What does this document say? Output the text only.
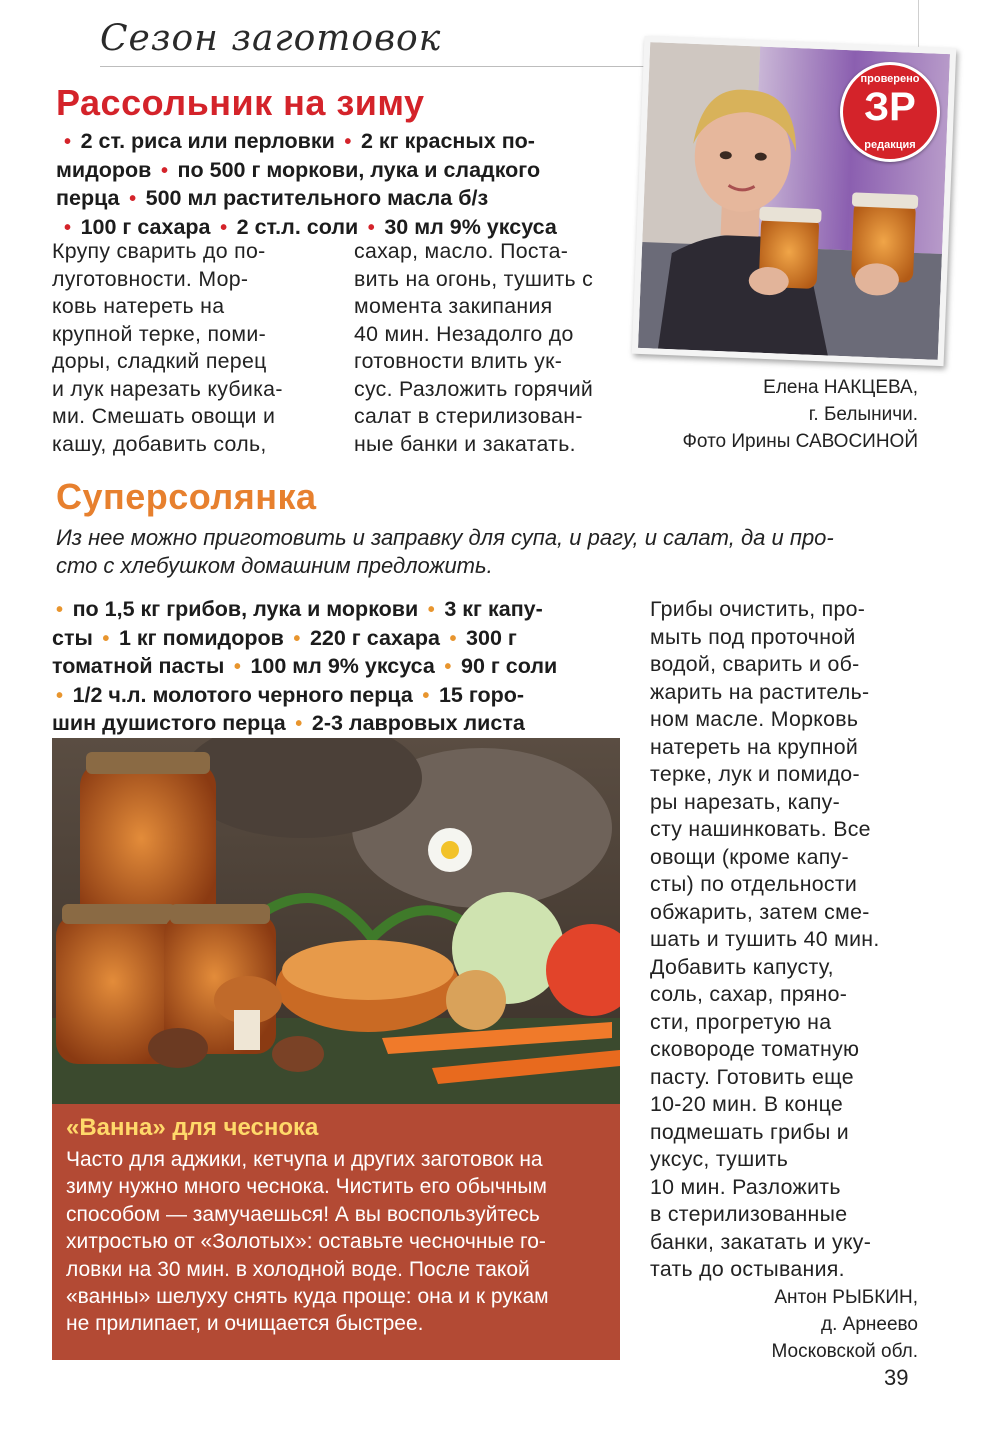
Сезон заготовок
Рассольник на зиму
• 2 ст. риса или перловки • 2 кг красных по-
мидоров • по 500 г моркови, лука и сладкого
перца • 500 мл растительного масла б/з
• 100 г сахара • 2 ст.л. соли • 30 мл 9% уксуса
Крупу сварить до по-
луготовности. Мор-
ковь натереть на
крупной терке, поми-
доры, сладкий перец
и лук нарезать кубика-
ми. Смешать овощи и
кашу, добавить соль,
сахар, масло. Поста-
вить на огонь, тушить с
момента закипания
40 мин. Незадолго до
готовности влить ук-
сус. Разложить горячий
салат в стерилизован-
ные банки и закатать.
проверено
ЗР
редакция
Елена НАКЦЕВА,
г. Белыничи.
Фото Ирины САВОСИНОЙ
Суперсолянка
Из нее можно приготовить и заправку для супа, и рагу, и салат, да и про-
сто с хлебушком домашним предложить.
• по 1,5 кг грибов, лука и моркови • 3 кг капу-
сты • 1 кг помидоров • 220 г сахара • 300 г
томатной пасты • 100 мл 9% уксуса • 90 г соли
• 1/2 ч.л. молотого черного перца • 15 горо-
шин душистого перца • 2-3 лавровых листа
«Ванна» для чеснока
Часто для аджики, кетчупа и других заготовок на
зиму нужно много чеснока. Чистить его обычным
способом — замучаешься! А вы воспользуйтесь
хитростью от «Золотых»: оставьте чесночные го-
ловки на 30 мин. в холодной воде. После такой
«ванны» шелуху снять куда проще: она и к рукам
не прилипает, и очищается быстрее.
Грибы очистить, про-
мыть под проточной
водой, сварить и об-
жарить на раститель-
ном масле. Морковь
натереть на крупной
терке, лук и помидо-
ры нарезать, капу-
сту нашинковать. Все
овощи (кроме капу-
сты) по отдельности
обжарить, затем сме-
шать и тушить 40 мин.
Добавить капусту,
соль, сахар, пряно-
сти, прогретую на
сковороде томатную
пасту. Готовить еще
10-20 мин. В конце
подмешать грибы и
уксус, тушить
10 мин. Разложить
в стерилизованные
банки, закатать и уку-
тать до остывания.
Антон РЫБКИН,
д. Арнеево
Московской обл.
39
